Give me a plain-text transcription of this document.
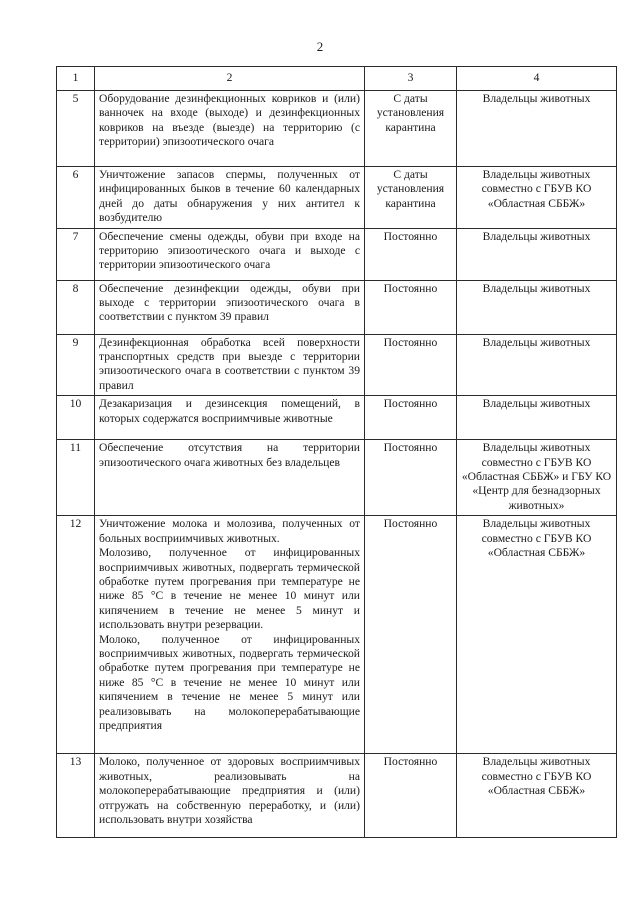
2
1	2	3	4
5	Оборудование дезинфекционных ковриков и (или) ванночек на входе (выходе) и дезинфекционных ковриков на въезде (выезде) на территорию (с территории) эпизоотического очага	С даты установления карантина	Владельцы животных
6	Уничтожение запасов спермы, полученных от инфицированных быков в течение 60 календарных дней до даты обнаружения у них антител к возбудителю	С даты установления карантина	Владельцы животных совместно с ГБУВ КО «Областная СББЖ»
7	Обеспечение смены одежды, обуви при входе на территорию эпизоотического очага и выходе с территории эпизоотического очага	Постоянно	Владельцы животных
8	Обеспечение дезинфекции одежды, обуви при выходе с территории эпизоотического очага в соответствии с пунктом 39 правил	Постоянно	Владельцы животных
9	Дезинфекционная обработка всей поверхности транспортных средств при выезде с территории эпизоотического очага в соответствии с пунктом 39 правил	Постоянно	Владельцы животных
10	Дезакаризация и дезинсекция помещений, в которых содержатся восприимчивые животные	Постоянно	Владельцы животных
11	Обеспечение отсутствия на территории эпизоотического очага животных без владельцев	Постоянно	Владельцы животных совместно с ГБУВ КО «Областная СББЖ» и ГБУ КО «Центр для безнадзорных животных»
12	Уничтожение молока и молозива, полученных от больных восприимчивых животных.
Молозиво, полученное от инфицированных восприимчивых животных, подвергать термической обработке путем прогревания при температуре не ниже 85 °С в течение не менее 10 минут или кипячением в течение не менее 5 минут и использовать внутри резервации.
Молоко, полученное от инфицированных восприимчивых животных, подвергать термической обработке путем прогревания при температуре не ниже 85 °С в течение не менее 10 минут или кипячением в течение не менее 5 минут или реализовывать на молокоперерабатывающие предприятия	Постоянно	Владельцы животных совместно с ГБУВ КО «Областная СББЖ»
13	Молоко, полученное от здоровых восприимчивых животных, реализовывать на молокоперерабатывающие предприятия и (или) отгружать на собственную переработку, и (или) использовать внутри хозяйства	Постоянно	Владельцы животных совместно с ГБУВ КО «Областная СББЖ»
